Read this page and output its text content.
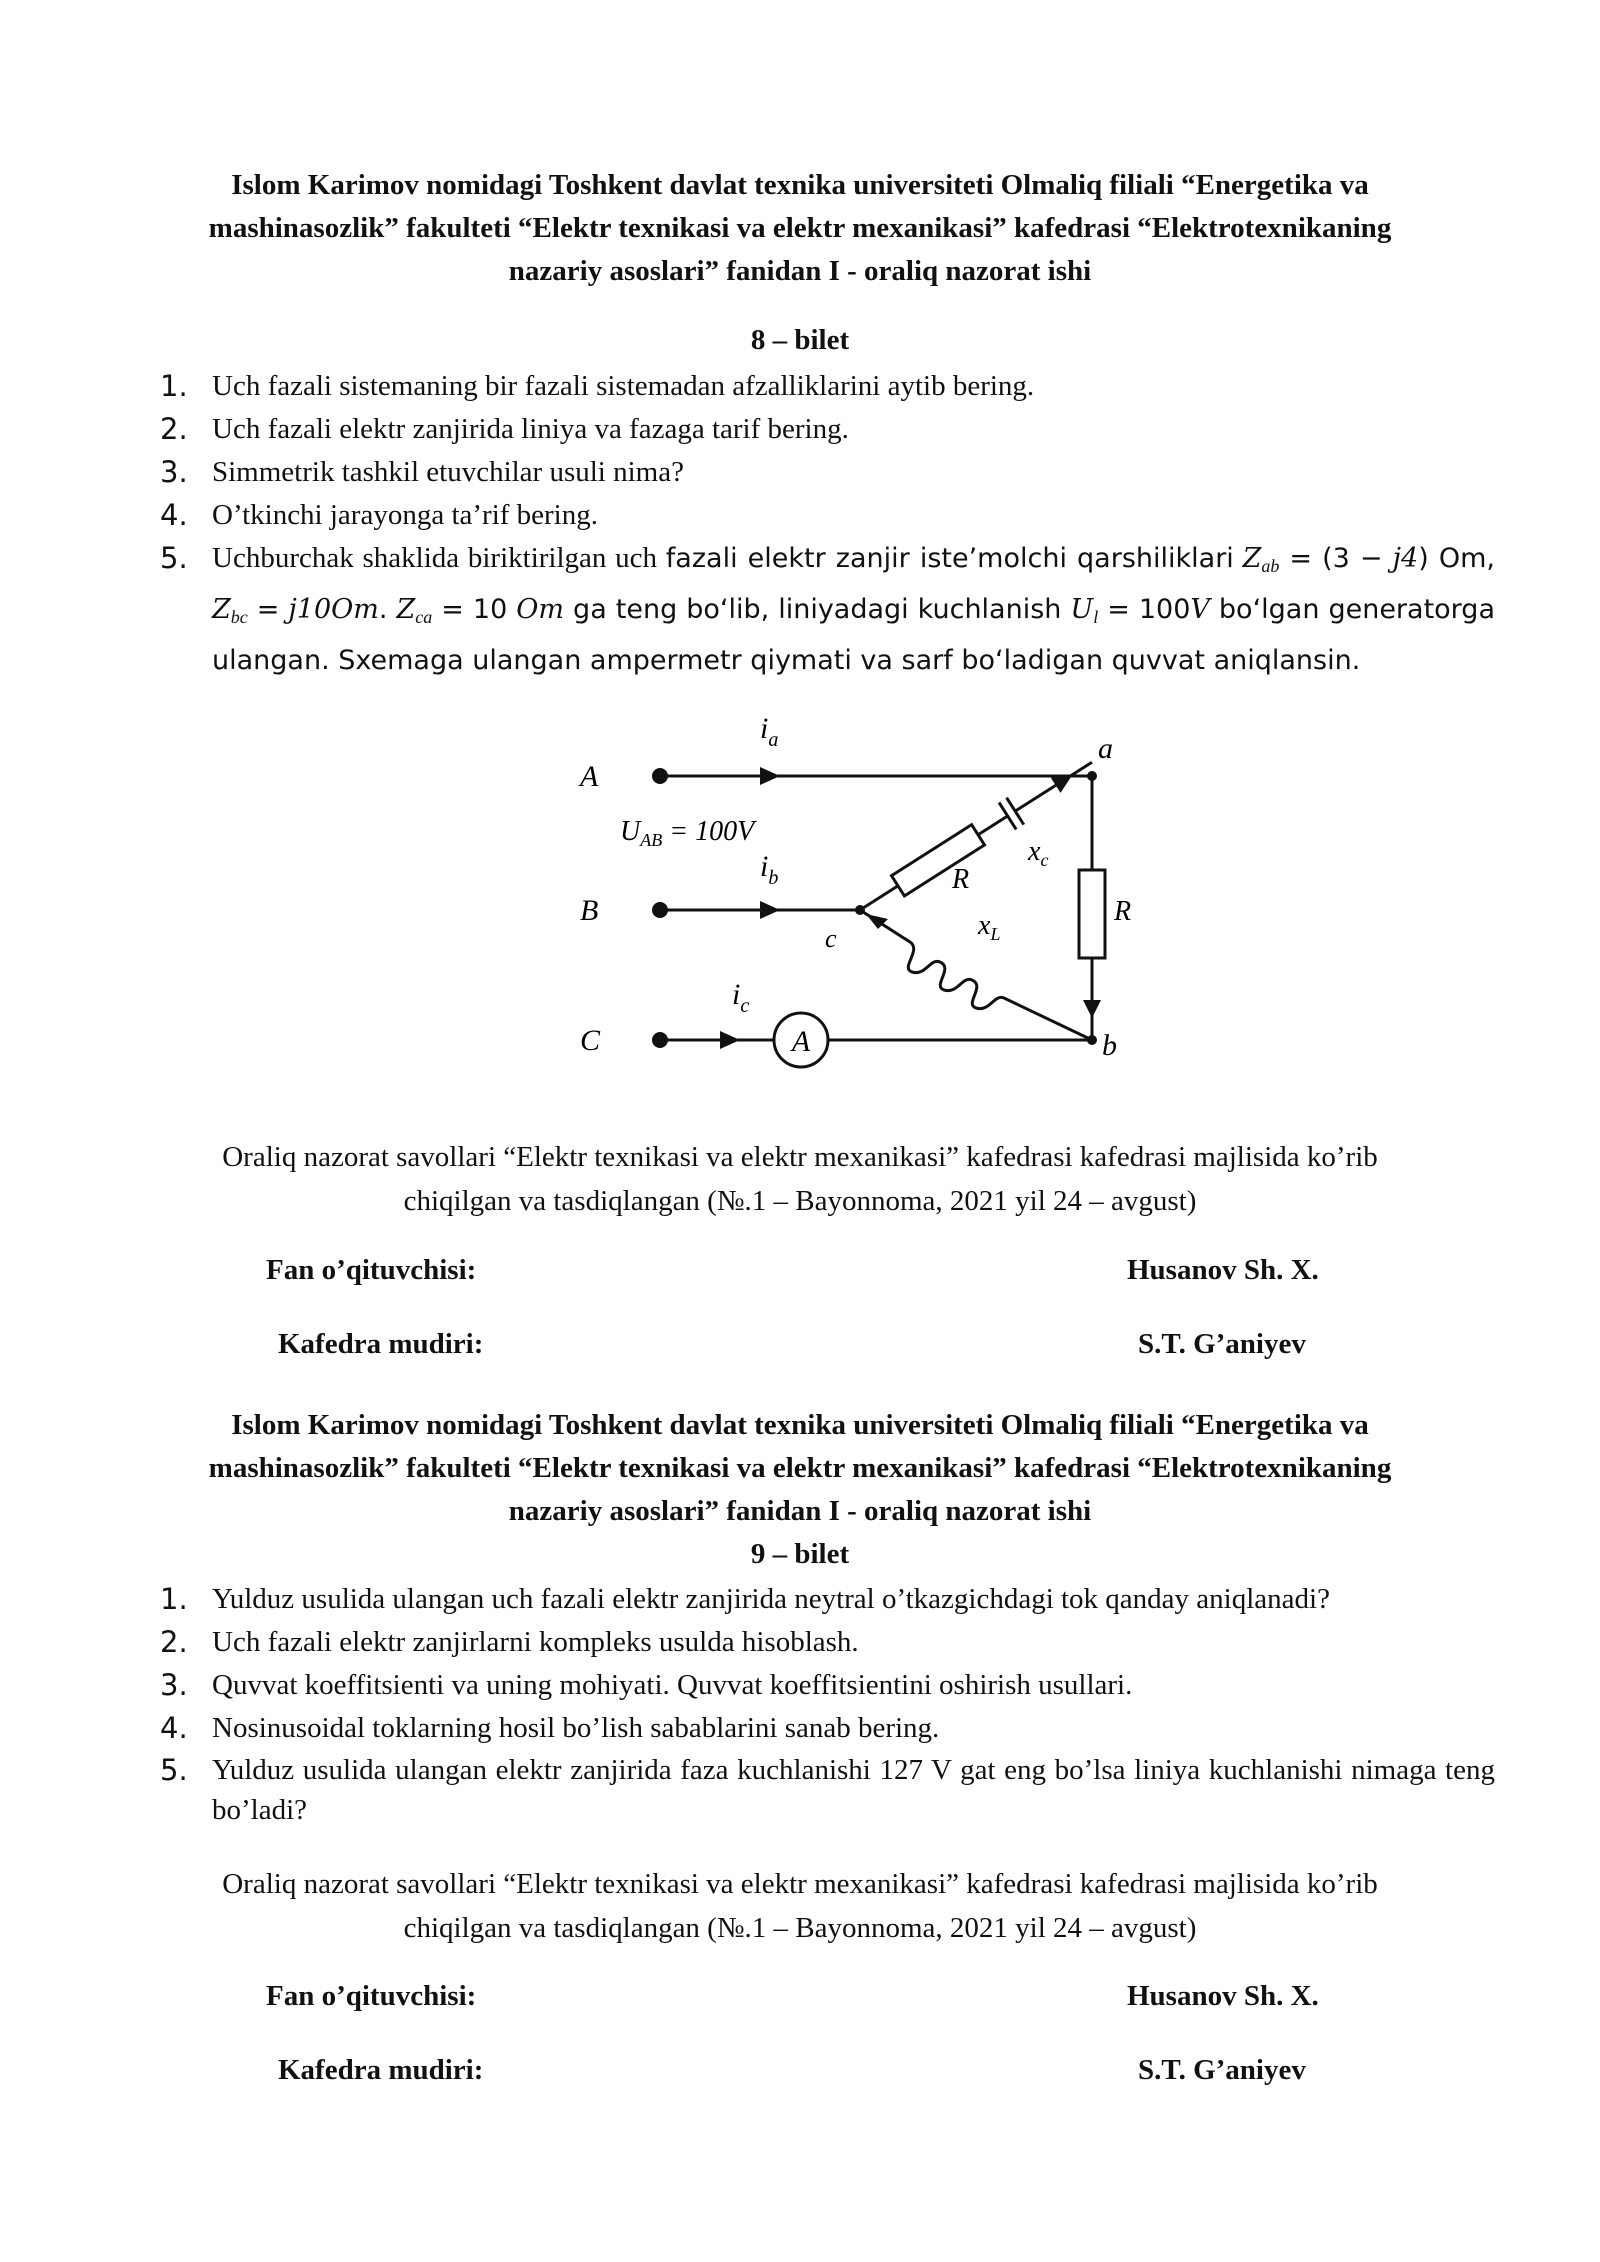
Islom Karimov nomidagi Toshkent davlat texnika universiteti Olmaliq filiali “Energetika va
mashinasozlik” fakulteti “Elektr texnikasi va elektr mexanikasi” kafedrasi “Elektrotexnikaning
nazariy asoslari” fanidan I - oraliq nazorat ishi
8 – bilet
1. Uch fazali sistemaning bir fazali sistemadan afzalliklarini aytib bering.
2. Uch fazali elektr zanjirida liniya va fazaga tarif bering.
3. Simmetrik tashkil etuvchilar usuli nima?
4. O’tkinchi jarayonga ta’rif bering.
5. Uchburchak shaklida biriktirilgan uch fazali elektr zanjir iste’molchi qarshiliklari $Z_{ab} = (3 - j4)$ Om, $Z_{bc} = j10Om$. $Z_{ca} = 10$ Om ga teng bo‘lib, liniyadagi kuchlanish $U_l = 100V$ bo‘lgan generatorga ulangan. Sxemaga ulangan ampermetr qiymati va sarf bo‘ladigan quvvat aniqlansin.
A
A
B
C
a
b
c
$i_a$
$i_b$
$i_c$
$U_{AB} = 100V$
R
R
$x_c$
$x_L$
Oraliq nazorat savollari “Elektr texnikasi va elektr mexanikasi” kafedrasi kafedrasi majlisida ko’rib
chiqilgan va tasdiqlangan (№.1 – Bayonnoma, 2021 yil 24 – avgust)
Fan o’qituvchisi:	Husanov Sh. X.
Kafedra mudiri:	S.T. G’aniyev
Islom Karimov nomidagi Toshkent davlat texnika universiteti Olmaliq filiali “Energetika va
mashinasozlik” fakulteti “Elektr texnikasi va elektr mexanikasi” kafedrasi “Elektrotexnikaning
nazariy asoslari” fanidan I - oraliq nazorat ishi
9 – bilet
1. Yulduz usulida ulangan uch fazali elektr zanjirida neytral o’tkazgichdagi tok qanday aniqlanadi?
2. Uch fazali elektr zanjirlarni kompleks usulda hisoblash.
3. Quvvat koeffitsienti va uning mohiyati. Quvvat koeffitsientini oshirish usullari.
4. Nosinusoidal toklarning hosil bo’lish sabablarini sanab bering.
5. Yulduz usulida ulangan elektr zanjirida faza kuchlanishi 127 V gat eng bo’lsa liniya kuchlanishi nimaga teng bo’ladi?
Oraliq nazorat savollari “Elektr texnikasi va elektr mexanikasi” kafedrasi kafedrasi majlisida ko’rib
chiqilgan va tasdiqlangan (№.1 – Bayonnoma, 2021 yil 24 – avgust)
Fan o’qituvchisi:	Husanov Sh. X.
Kafedra mudiri:	S.T. G’aniyev
